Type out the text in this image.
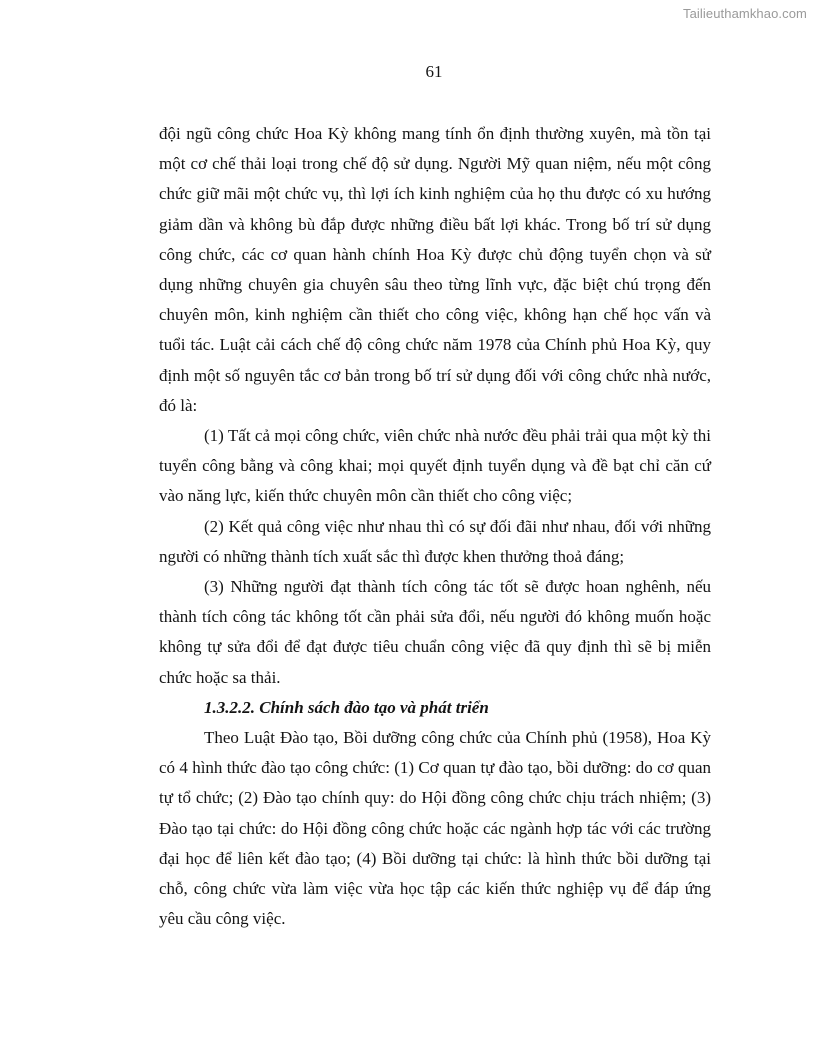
Tailieuthamkhao.com
61

đội ngũ công chức Hoa Kỳ không mang tính ổn định thường xuyên, mà tồn tại một cơ chế thải loại trong chế độ sử dụng. Người Mỹ quan niệm, nếu một công chức giữ mãi một chức vụ, thì lợi ích kinh nghiệm của họ thu được có xu hướng giảm dần và không bù đắp được những điều bất lợi khác. Trong bố trí sử dụng công chức, các cơ quan hành chính Hoa Kỳ được chủ động tuyển chọn và sử dụng những chuyên gia chuyên sâu theo từng lĩnh vực, đặc biệt chú trọng đến chuyên môn, kinh nghiệm cần thiết cho công việc, không hạn chế học vấn và tuổi tác. Luật cải cách chế độ công chức năm 1978 của Chính phủ Hoa Kỳ, quy định một số nguyên tắc cơ bản trong bố trí sử dụng đối với công chức nhà nước, đó là:

(1) Tất cả mọi công chức, viên chức nhà nước đều phải trải qua một kỳ thi tuyển công bằng và công khai; mọi quyết định tuyển dụng và đề bạt chỉ căn cứ vào năng lực, kiến thức chuyên môn cần thiết cho công việc;

(2) Kết quả công việc như nhau thì có sự đối đãi như nhau, đối với những người có những thành tích xuất sắc thì được khen thưởng thoả đáng;

(3) Những người đạt thành tích công tác tốt sẽ được hoan nghênh, nếu thành tích công tác không tốt cần phải sửa đổi, nếu người đó không muốn hoặc không tự sửa đổi để đạt được tiêu chuẩn công việc đã quy định thì sẽ bị miễn chức hoặc sa thải.

1.3.2.2. Chính sách đào tạo và phát triển

Theo Luật Đào tạo, Bồi dưỡng công chức của Chính phủ (1958), Hoa Kỳ có 4 hình thức đào tạo công chức: (1) Cơ quan tự đào tạo, bồi dưỡng: do cơ quan tự tổ chức; (2) Đào tạo chính quy: do Hội đồng công chức chịu trách nhiệm; (3) Đào tạo tại chức: do Hội đồng công chức hoặc các ngành hợp tác với các trường đại học để liên kết đào tạo; (4) Bồi dưỡng tại chức: là hình thức bồi dưỡng tại chỗ, công chức vừa làm việc vừa học tập các kiến thức nghiệp vụ để đáp ứng yêu cầu công việc.
